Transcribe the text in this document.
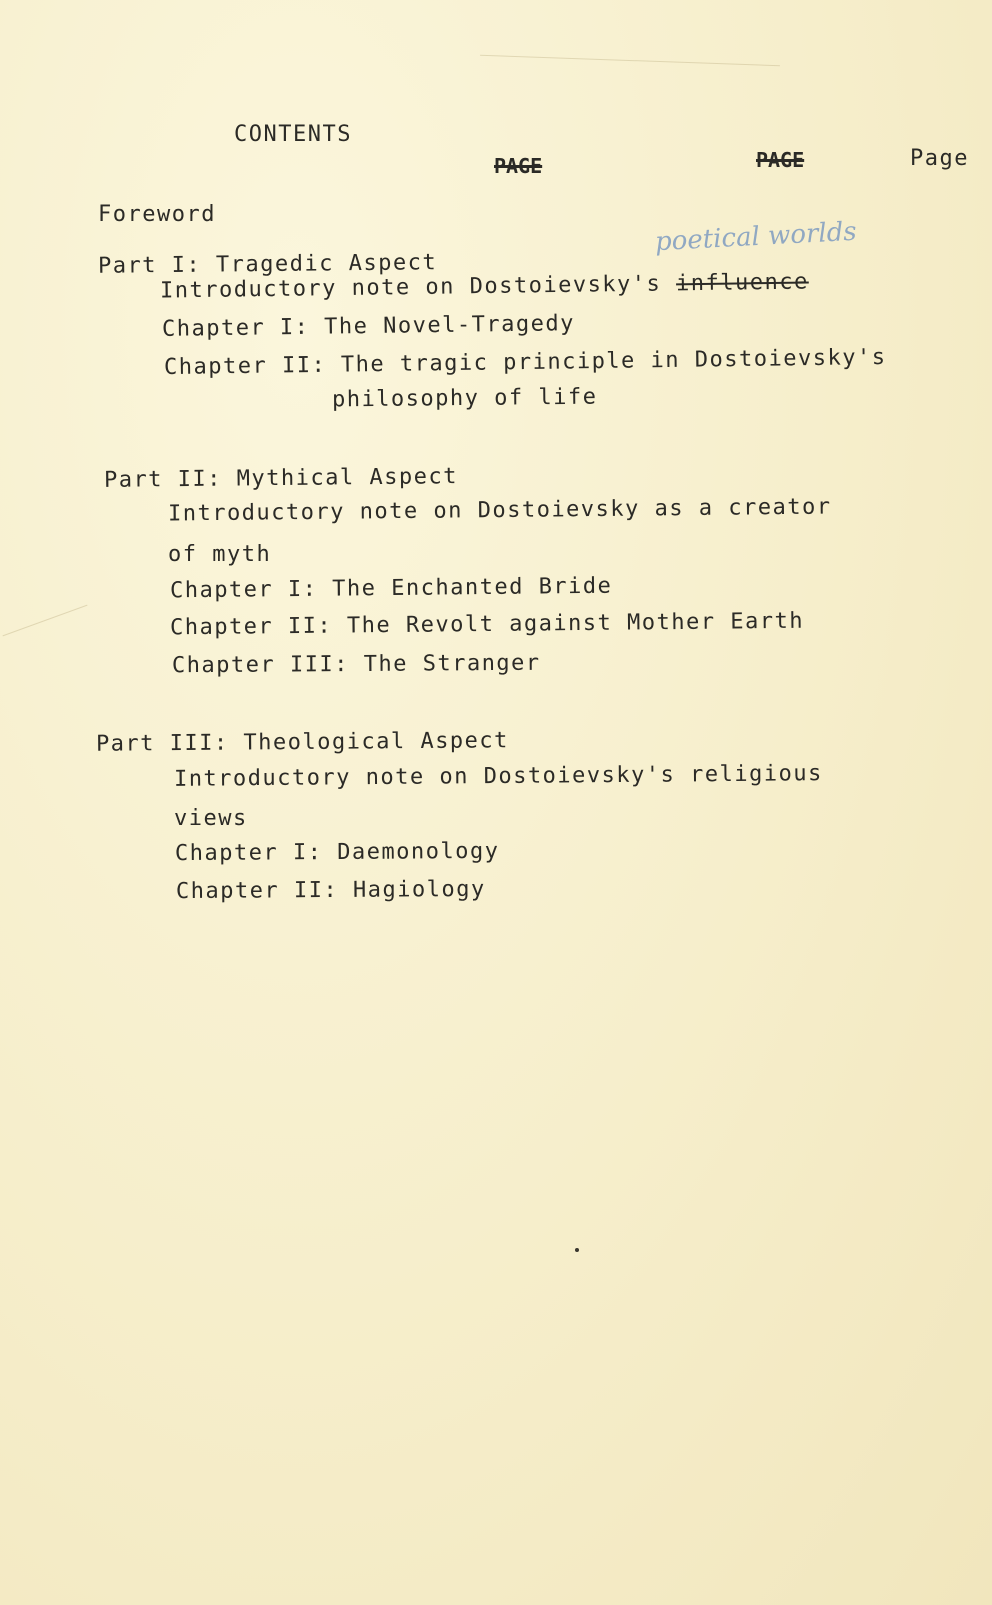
CONTENTS
PAGE	PAGE	Page
Foreword
poetical worlds
Part I: Tragedic Aspect
Introductory note on Dostoievsky's influence
Chapter I: The Novel-Tragedy
Chapter II: The tragic principle in Dostoievsky's
philosophy of life
Part II: Mythical Aspect
Introductory note on Dostoievsky as a creator
of myth
Chapter I: The Enchanted Bride
Chapter II: The Revolt against Mother Earth
Chapter III: The Stranger
Part III: Theological Aspect
Introductory note on Dostoievsky's religious
views
Chapter I: Daemonology
Chapter II: Hagiology
